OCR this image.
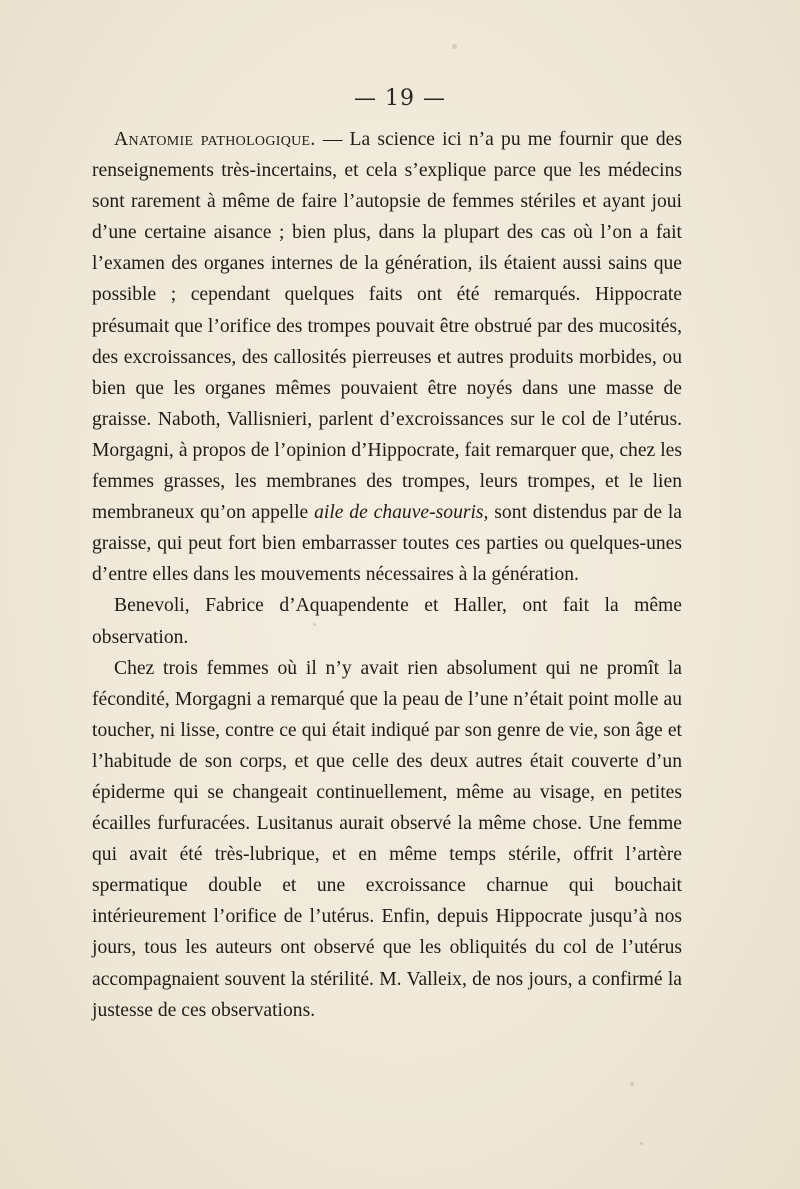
— 19 —

Anatomie pathologique. — La science ici n’a pu me fournir que des renseignements très-incertains, et cela s’explique parce que les médecins sont rarement à même de faire l’autopsie de femmes stériles et ayant joui d’une certaine aisance ; bien plus, dans la plupart des cas où l’on a fait l’examen des organes internes de la génération, ils étaient aussi sains que possible ; cependant quelques faits ont été remarqués. Hippocrate présumait que l’orifice des trompes pouvait être obstrué par des mucosités, des excroissances, des callosités pierreuses et autres produits morbides, ou bien que les organes mêmes pouvaient être noyés dans une masse de graisse. Naboth, Vallisnieri, parlent d’excroissances sur le col de l’utérus. Morgagni, à propos de l’opinion d’Hippocrate, fait remarquer que, chez les femmes grasses, les membranes des trompes, leurs trompes, et le lien membraneux qu’on appelle aile de chauve-souris, sont distendus par de la graisse, qui peut fort bien embarrasser toutes ces parties ou quelques-unes d’entre elles dans les mouvements nécessaires à la génération.

Benevoli, Fabrice d’Aquapendente et Haller, ont fait la même observation.

Chez trois femmes où il n’y avait rien absolument qui ne promît la fécondité, Morgagni a remarqué que la peau de l’une n’était point molle au toucher, ni lisse, contre ce qui était indiqué par son genre de vie, son âge et l’habitude de son corps, et que celle des deux autres était couverte d’un épiderme qui se changeait continuellement, même au visage, en petites écailles furfuracées. Lusitanus aurait observé la même chose. Une femme qui avait été très-lubrique, et en même temps stérile, offrit l’artère spermatique double et une excroissance charnue qui bouchait intérieurement l’orifice de l’utérus. Enfin, depuis Hippocrate jusqu’à nos jours, tous les auteurs ont observé que les obliquités du col de l’utérus accompagnaient souvent la stérilité. M. Valleix, de nos jours, a confirmé la justesse de ces observations.
